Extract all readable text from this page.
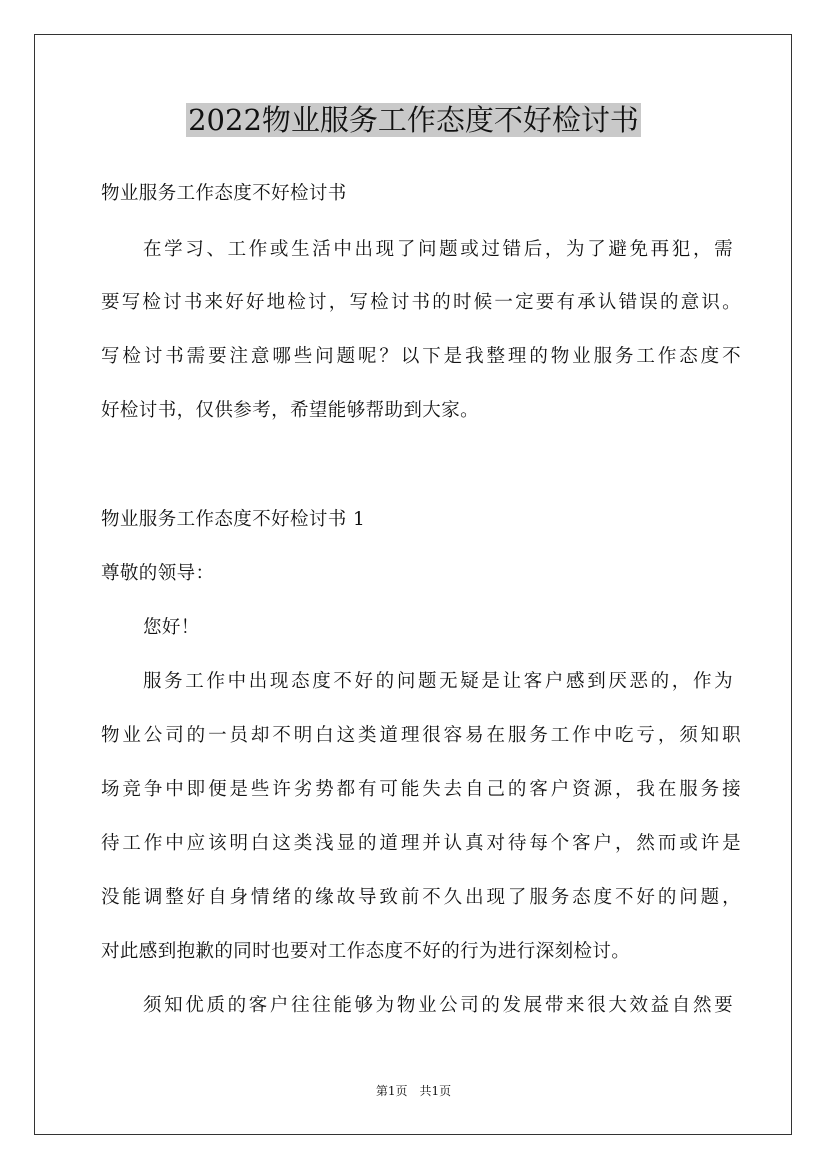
2022物业服务工作态度不好检讨书
物业服务工作态度不好检讨书
在学习、工作或生活中出现了问题或过错后，为了避免再犯，需
要写检讨书来好好地检讨，写检讨书的时候一定要有承认错误的意识。
写检讨书需要注意哪些问题呢？以下是我整理的物业服务工作态度不
好检讨书，仅供参考，希望能够帮助到大家。
物业服务工作态度不好检讨书 1
尊敬的领导：
您好！
服务工作中出现态度不好的问题无疑是让客户感到厌恶的，作为
物业公司的一员却不明白这类道理很容易在服务工作中吃亏，须知职
场竞争中即便是些许劣势都有可能失去自己的客户资源，我在服务接
待工作中应该明白这类浅显的道理并认真对待每个客户，然而或许是
没能调整好自身情绪的缘故导致前不久出现了服务态度不好的问题，
对此感到抱歉的同时也要对工作态度不好的行为进行深刻检讨。
须知优质的客户往往能够为物业公司的发展带来很大效益自然要
第1页　共1页
